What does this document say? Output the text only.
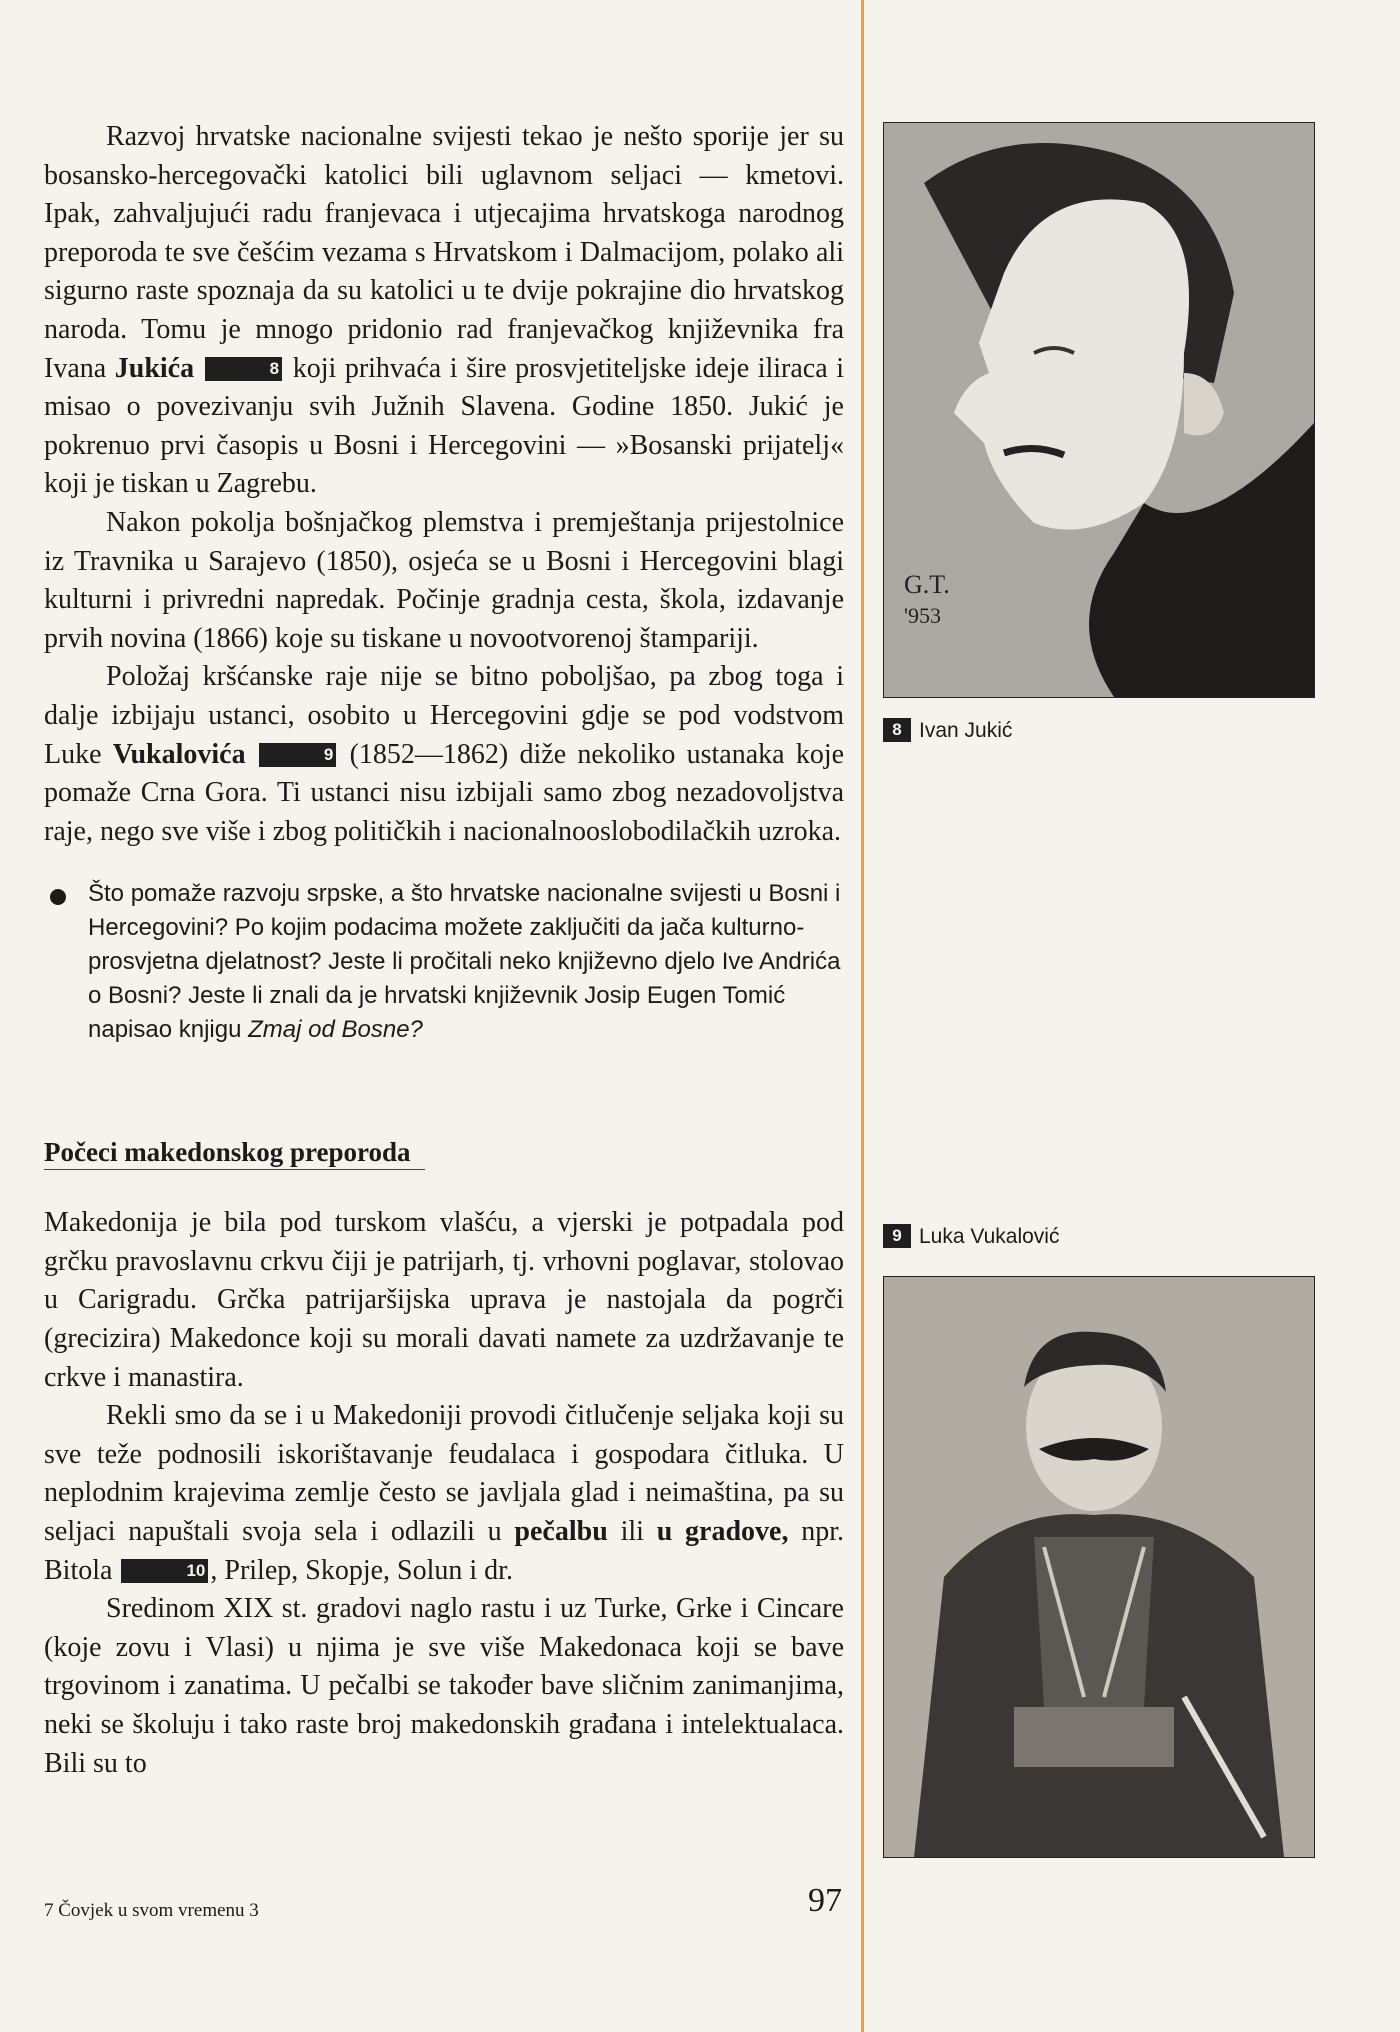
Razvoj hrvatske nacionalne svijesti tekao je nešto sporije jer su bosansko-hercegovački katolici bili uglavnom seljaci — kmetovi. Ipak, zahvaljujući radu franjevaca i utjecajima hrvatskoga narodnog preporoda te sve češćim vezama s Hrvatskom i Dalmacijom, polako ali sigurno raste spoznaja da su katolici u te dvije pokrajine dio hrvatskog naroda. Tomu je mnogo pridonio rad franjevačkog književnika fra Ivana Jukića	8 koji prihvaća i šire prosvjetiteljske ideje iliraca i misao o povezivanju svih Južnih Slavena. Godine 1850. Jukić je pokrenuo prvi časopis u Bosni i Hercegovini — »Bosanski prijatelj« koji je tiskan u Zagrebu.

Nakon pokolja bošnjačkog plemstva i premještanja prijestolnice iz Travnika u Sarajevo (1850), osjeća se u Bosni i Hercegovini blagi kulturni i privredni napredak. Počinje gradnja cesta, škola, izdavanje prvih novina (1866) koje su tiskane u novootvorenoj štampariji.

Položaj kršćanske raje nije se bitno poboljšao, pa zbog toga i dalje izbijaju ustanci, osobito u Hercegovini gdje se pod vodstvom Luke Vukalovića	9 (1852—1862) diže nekoliko ustanaka koje pomaže Crna Gora. Ti ustanci nisu izbijali samo zbog nezadovoljstva raje, nego sve više i zbog političkih i nacionalnooslobodilačkih uzroka.

Što pomaže razvoju srpske, a što hrvatske nacionalne svijesti u Bosni i Hercegovini? Po kojim podacima možete zaključiti da jača kulturno-prosvjetna djelatnost? Jeste li pročitali neko književno djelo Ive Andrića o Bosni? Jeste li znali da je hrvatski književnik Josip Eugen Tomić napisao knjigu Zmaj od Bosne?
Počeci makedonskog preporoda

Makedonija je bila pod turskom vlašću, a vjerski je potpadala pod grčku pravoslavnu crkvu čiji je patrijarh, tj. vrhovni poglavar, stolovao u Carigradu. Grčka patrijaršijska uprava je nastojala da pogrči (grecizira) Makedonce koji su morali davati namete za uzdržavanje te crkve i manastira.

Rekli smo da se i u Makedoniji provodi čitlučenje seljaka koji su sve teže podnosili iskorištavanje feudalaca i gospodara čitluka. U neplodnim krajevima zemlje često se javljala glad i neimaština, pa su seljaci napuštali svoja sela i odlazili u pečalbu ili u gradove, npr. Bitola	10 , Prilep, Skopje, Solun i dr.

Sredinom XIX st. gradovi naglo rastu i uz Turke, Grke i Cincare (koje zovu i Vlasi) u njima je sve više Makedonaca koji se bave trgovinom i zanatima. U pečalbi se također bave sličnim zanimanjima, neki se školuju i tako raste broj makedonskih građana i intelektualaca. Bili su to

G.T.
'953
8 Ivan Jukić
9 Luka Vukalović
7 Čovjek u svom vremenu 3	97
